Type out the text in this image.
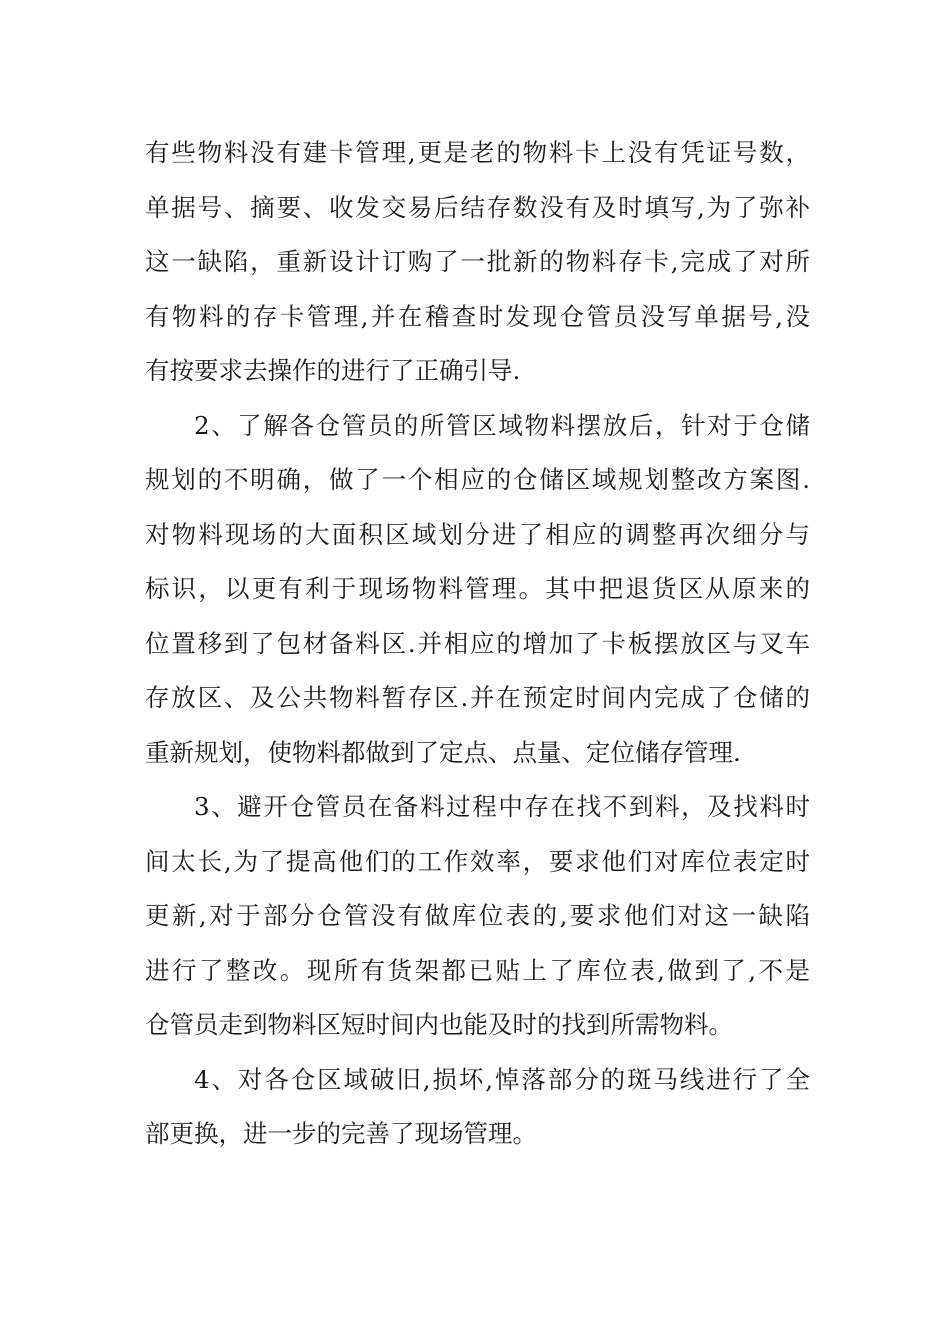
有些物料没有建卡管理,更是老的物料卡上没有凭证号数，
单据号、摘要、收发交易后结存数没有及时填写,为了弥补
这一缺陷，重新设计订购了一批新的物料存卡,完成了对所
有物料的存卡管理,并在稽查时发现仓管员没写单据号,没
有按要求去操作的进行了正确引导.
2、了解各仓管员的所管区域物料摆放后，针对于仓储
规划的不明确，做了一个相应的仓储区域规划整改方案图.
对物料现场的大面积区域划分进了相应的调整再次细分与
标识，以更有利于现场物料管理。其中把退货区从原来的
位置移到了包材备料区.并相应的增加了卡板摆放区与叉车
存放区、及公共物料暂存区.并在预定时间内完成了仓储的
重新规划，使物料都做到了定点、点量、定位储存管理.
3、避开仓管员在备料过程中存在找不到料，及找料时
间太长,为了提高他们的工作效率，要求他们对库位表定时
更新,对于部分仓管没有做库位表的,要求他们对这一缺陷
进行了整改。现所有货架都已贴上了库位表,做到了,不是
仓管员走到物料区短时间内也能及时的找到所需物料。
4、对各仓区域破旧,损坏,悼落部分的斑马线进行了全
部更换，进一步的完善了现场管理。
